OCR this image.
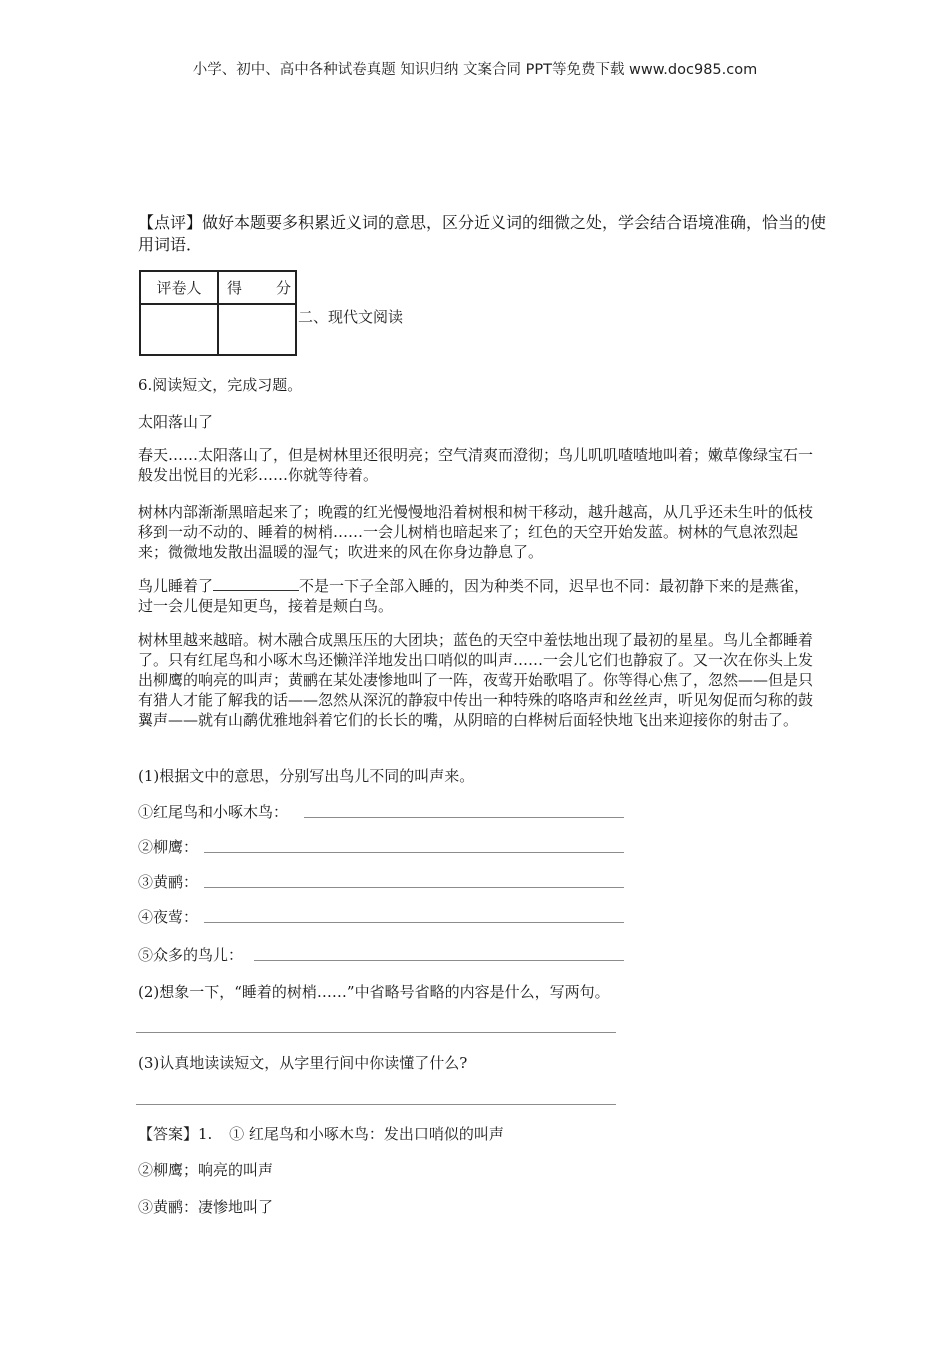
小学、初中、高中各种试卷真题 知识归纳 文案合同 PPT等免费下载 www.doc985.com
【点评】做好本题要多积累近义词的意思，区分近义词的细微之处，学会结合语境准确，恰当的使用词语．
评卷人	得 分

二、现代文阅读
6.阅读短文，完成习题。
太阳落山了
春天……太阳落山了，但是树林里还很明亮；空气清爽而澄彻；鸟儿叽叽喳喳地叫着；嫩草像绿宝石一般发出悦目的光彩……你就等待着。
树林内部渐渐黑暗起来了；晚霞的红光慢慢地沿着树根和树干移动，越升越高，从几乎还未生叶的低枝移到一动不动的、睡着的树梢……一会儿树梢也暗起来了；红色的天空开始发蓝。树林的气息浓烈起来；微微地发散出温暖的湿气；吹进来的风在你身边静息了。
鸟儿睡着了	不是一下子全部入睡的，因为种类不同，迟早也不同：最初静下来的是燕雀，过一会儿便是知更鸟，接着是颊白鸟。
树林里越来越暗。树木融合成黑压压的大团块；蓝色的天空中羞怯地出现了最初的星星。鸟儿全都睡着了。只有红尾鸟和小啄木鸟还懒洋洋地发出口哨似的叫声……一会儿它们也静寂了。又一次在你头上发出柳鹰的响亮的叫声；黄鹂在某处凄惨地叫了一阵，夜莺开始歌唱了。你等得心焦了，忽然——但是只有猎人才能了解我的话——忽然从深沉的静寂中传出一种特殊的咯咯声和丝丝声，听见匆促而匀称的鼓翼声——就有山鹬优雅地斜着它们的长长的嘴，从阴暗的白桦树后面轻快地飞出来迎接你的射击了。
(1)根据文中的意思，分别写出鸟儿不同的叫声来。
①红尾鸟和小啄木鸟：
②柳鹰：
③黄鹂：
④夜莺：
⑤众多的鸟儿：
(2)想象一下，“睡着的树梢……”中省略号省略的内容是什么，写两句。
(3)认真地读读短文，从字里行间中你读懂了什么?
【答案】1. ① 红尾鸟和小啄木鸟：发出口哨似的叫声
②柳鹰；响亮的叫声
③黄鹂：凄惨地叫了
